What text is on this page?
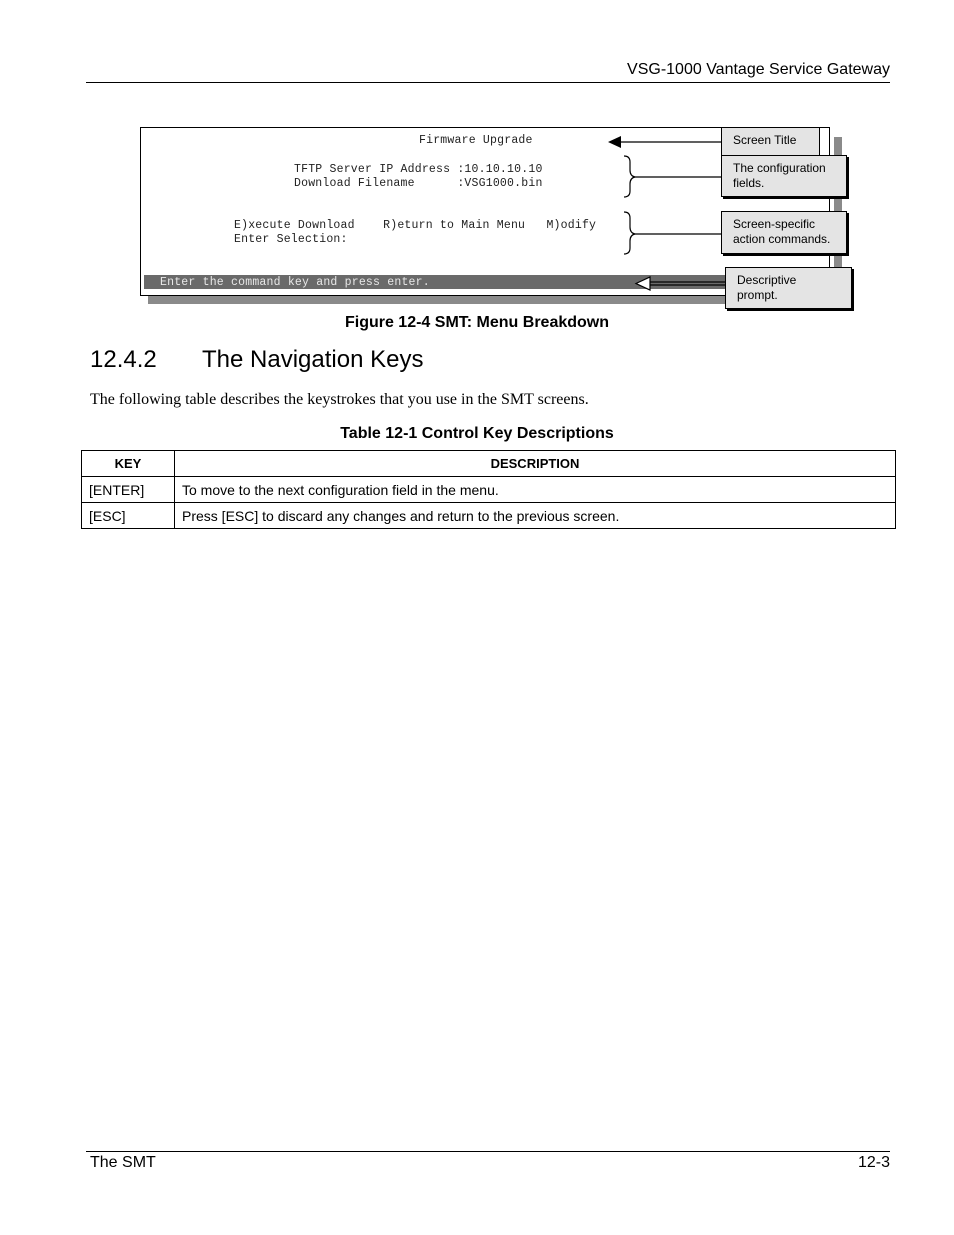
VSG-1000 Vantage Service Gateway
Firmware Upgrade
TFTP Server IP Address :10.10.10.10
Download Filename      :VSG1000.bin
E)xecute Download    R)eturn to Main Menu   M)odify
Enter Selection:
Enter the command key and press enter.
Screen Title
The configuration
fields.
Screen-specific
action commands.
Descriptive
prompt.
Figure 12-4 SMT: Menu Breakdown
12.4.2 The Navigation Keys
The following table describes the keystrokes that you use in the SMT screens.
Table 12-1 Control Key Descriptions
KEY	DESCRIPTION
[ENTER]	To move to the next configuration field in the menu.
[ESC]	Press [ESC] to discard any changes and return to the previous screen.
The SMT	12-3
